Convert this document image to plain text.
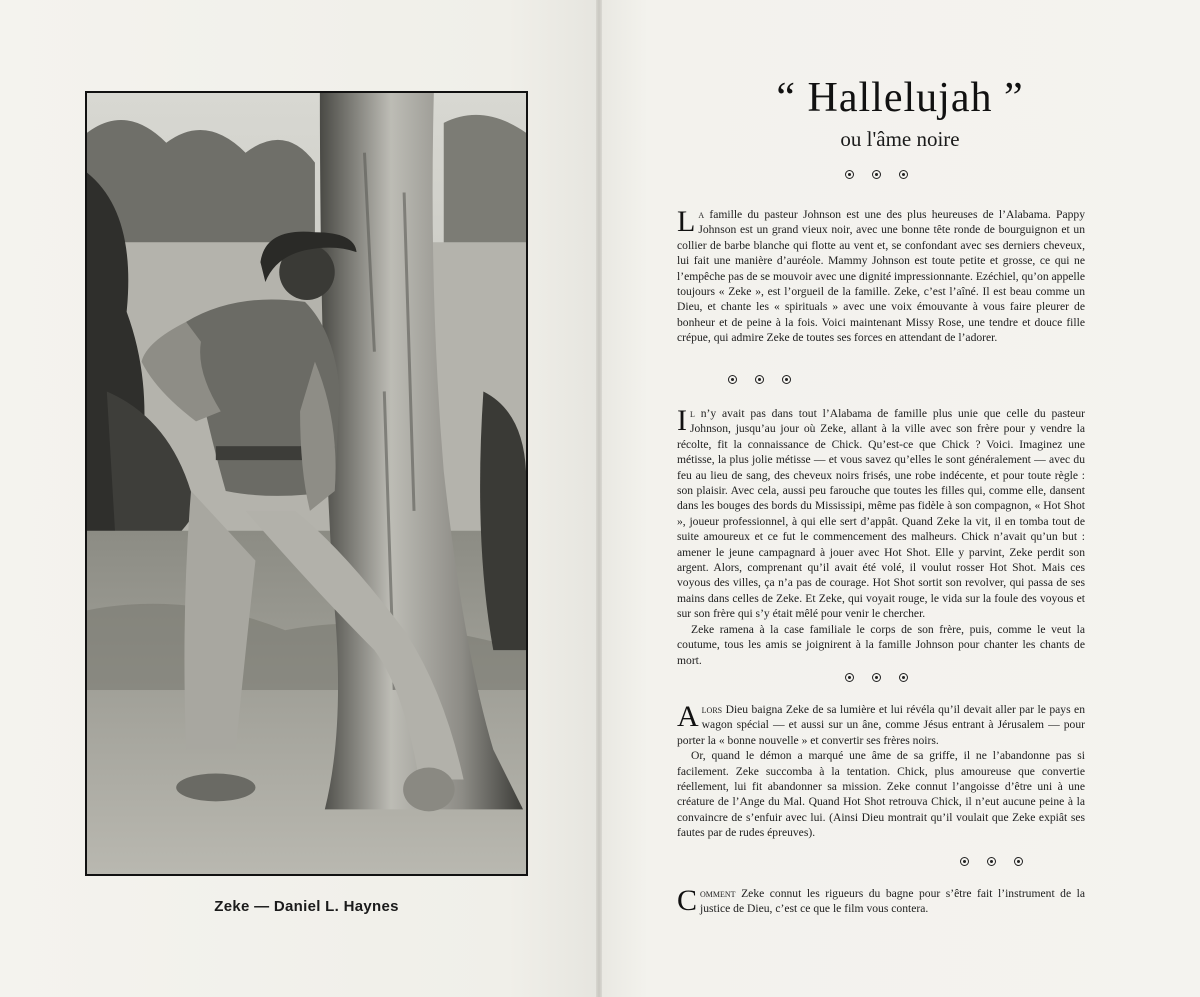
Zeke — Daniel L. Haynes
“ Hallelujah ”
ou l'âme noire

La famille du pasteur Johnson est une des plus heureuses de l’Alabama. Pappy Johnson est un grand vieux noir, avec une bonne tête ronde de bourguignon et un collier de barbe blanche qui flotte au vent et, se confondant avec ses derniers cheveux, lui fait une manière d’auréole. Mammy Johnson est toute petite et grosse, ce qui ne l’empêche pas de se mouvoir avec une dignité impressionnante. Ezéchiel, qu’on appelle toujours « Zeke », est l’orgueil de la famille. Zeke, c’est l’aîné. Il est beau comme un Dieu, et chante les « spirituals » avec une voix émouvante à vous faire pleurer de bonheur et de peine à la fois. Voici maintenant Missy Rose, une tendre et douce fille crépue, qui admire Zeke de toutes ses forces en attendant de l’adorer.

Il n’y avait pas dans tout l’Alabama de famille plus unie que celle du pasteur Johnson, jusqu’au jour où Zeke, allant à la ville avec son frère pour y vendre la récolte, fit la connaissance de Chick. Qu’est-ce que Chick ? Voici. Imaginez une métisse, la plus jolie métisse — et vous savez qu’elles le sont généralement — avec du feu au lieu de sang, des cheveux noirs frisés, une robe indécente, et pour toute règle : son plaisir. Avec cela, aussi peu farouche que toutes les filles qui, comme elle, dansent dans les bouges des bords du Mississipi, même pas fidèle à son compagnon, « Hot Shot », joueur professionnel, à qui elle sert d’appât. Quand Zeke la vit, il en tomba tout de suite amoureux et ce fut le commencement des malheurs. Chick n’avait qu’un but : amener le jeune campagnard à jouer avec Hot Shot. Elle y parvint, Zeke perdit son argent. Alors, comprenant qu’il avait été volé, il voulut rosser Hot Shot. Mais ces voyous des villes, ça n’a pas de courage. Hot Shot sortit son revolver, qui passa de ses mains dans celles de Zeke. Et Zeke, qui voyait rouge, le vida sur la foule des voyous et sur son frère qui s’y était mêlé pour venir le chercher.

Zeke ramena à la case familiale le corps de son frère, puis, comme le veut la coutume, tous les amis se joignirent à la famille Johnson pour chanter les chants de mort.

Alors Dieu baigna Zeke de sa lumière et lui révéla qu’il devait aller par le pays en wagon spécial — et aussi sur un âne, comme Jésus entrant à Jérusalem — pour porter la « bonne nouvelle » et convertir ses frères noirs.

Or, quand le démon a marqué une âme de sa griffe, il ne l’abandonne pas si facilement. Zeke succomba à la tentation. Chick, plus amoureuse que convertie réellement, lui fit abandonner sa mission. Zeke connut l’angoisse d’être uni à une créature de l’Ange du Mal. Quand Hot Shot retrouva Chick, il n’eut aucune peine à la convaincre de s’enfuir avec lui. (Ainsi Dieu montrait qu’il voulait que Zeke expiât ses fautes par de rudes épreuves).

Comment Zeke connut les rigueurs du bagne pour s’être fait l’instrument de la justice de Dieu, c’est ce que le film vous contera.
